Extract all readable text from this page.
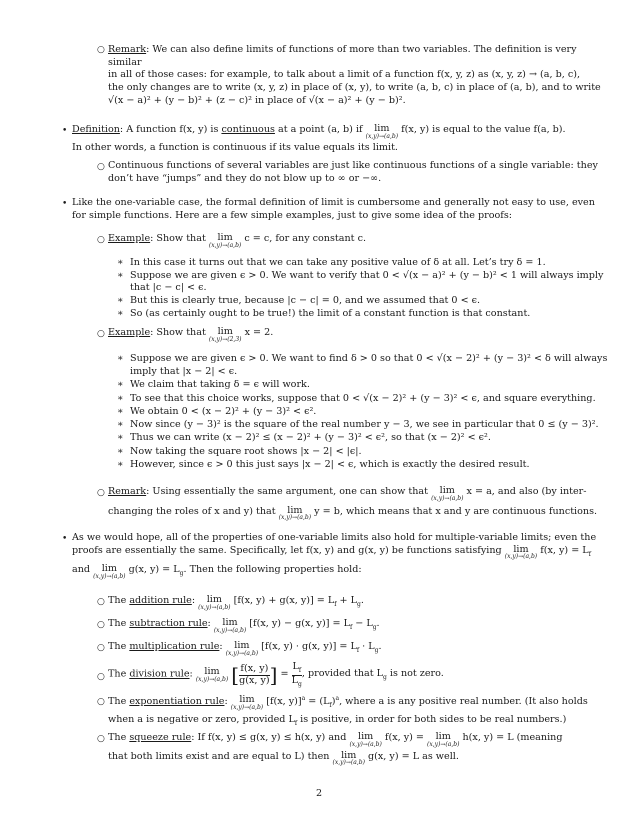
○ Remark: We can also define limits of functions of more than two variables. The definition is very similar
in all of those cases: for example, to talk about a limit of a function f(x, y, z) as (x, y, z) → (a, b, c),
the only changes are to write (x, y, z) in place of (x, y), to write (a, b, c) in place of (a, b), and to write
√(x − a)² + (y − b)² + (z − c)² in place of √(x − a)² + (y − b)².
• Definition: A function f(x, y) is continuous at a point (a, b) if lim
(x,y)→(a,b)
f(x, y) is equal to the value f(a, b).
In other words, a function is continuous if its value equals its limit.
○ Continuous functions of several variables are just like continuous functions of a single variable: they
don’t have “jumps” and they do not blow up to ∞ or −∞.
• Like the one-variable case, the formal definition of limit is cumbersome and generally not easy to use, even
for simple functions. Here are a few simple examples, just to give some idea of the proofs:
○ Example: Show that lim
(x,y)→(a,b)
c = c, for any constant c.
∗ In this case it turns out that we can take any positive value of δ at all. Let’s try δ = 1.
∗ Suppose we are given ϵ > 0. We want to verify that 0 < √(x − a)² + (y − b)² < 1 will always imply
that |c − c| < ϵ.
∗ But this is clearly true, because |c − c| = 0, and we assumed that 0 < ϵ.
∗ So (as certainly ought to be true!) the limit of a constant function is that constant.
○ Example: Show that lim
(x,y)→(2,3)
x = 2.
∗ Suppose we are given ϵ > 0. We want to find δ > 0 so that 0 < √(x − 2)² + (y − 3)² < δ will always
imply that |x − 2| < ϵ.
∗ We claim that taking δ = ϵ will work.
∗ To see that this choice works, suppose that 0 < √(x − 2)² + (y − 3)² < ϵ, and square everything.
∗ We obtain 0 < (x − 2)² + (y − 3)² < ϵ².
∗ Now since (y − 3)² is the square of the real number y − 3, we see in particular that 0 ≤ (y − 3)².
∗ Thus we can write (x − 2)² ≤ (x − 2)² + (y − 3)² < ϵ², so that (x − 2)² < ϵ².
∗ Now taking the square root shows |x − 2| < |ϵ|.
∗ However, since ϵ > 0 this just says |x − 2| < ϵ, which is exactly the desired result.
○ Remark: Using essentially the same argument, one can show that lim
(x,y)→(a,b)
x = a, and also (by inter-
changing the roles of x and y) that lim
(x,y)→(a,b)
y = b, which means that x and y are continuous functions.
• As we would hope, all of the properties of one-variable limits also hold for multiple-variable limits; even the
proofs are essentially the same. Specifically, let f(x, y) and g(x, y) be functions satisfying lim
(x,y)→(a,b)
f(x, $y) = L_f$
and lim
(x,y)→(a,b)
g(x, $y) = L_g$. Then the following properties hold:
○ The addition rule: lim
(x,y)→(a,b)
[f(x, y) + g(x, $y)] = L_f + L_g$.
○ The subtraction rule: lim
(x,y)→(a,b)
[f(x, y) − g(x, $y)] = L_f - L_g$.
○ The multiplication rule: lim
(x,y)→(a,b)
[f(x, y) · g(x, $y)] = L_f \cdot L_g$.
○ The division rule: lim
(x,y)→(a,b) [ $\frac{f(x, y)}{g(x, y)}$ ] = $\frac{L_f}{L_g}$ , provided that $L_g$ is not zero.
○ The exponentiation rule: lim
(x,y)→(a,b) [f(x, $y)]^a = (L_f)^a$, where a is any positive real number. (It also holds
when a is negative or zero, provided $L_f$ is positive, in order for both sides to be real numbers.)
○ The squeeze rule: If f(x, y) ≤ g(x, y) ≤ h(x, y) and lim
(x,y)→(a,b)
f(x, y) = lim
(x,y)→(a,b)
h(x, y) = L (meaning
that both limits exist and are equal to L) then lim
(x,y)→(a,b)
g(x, y) = L as well.
2
